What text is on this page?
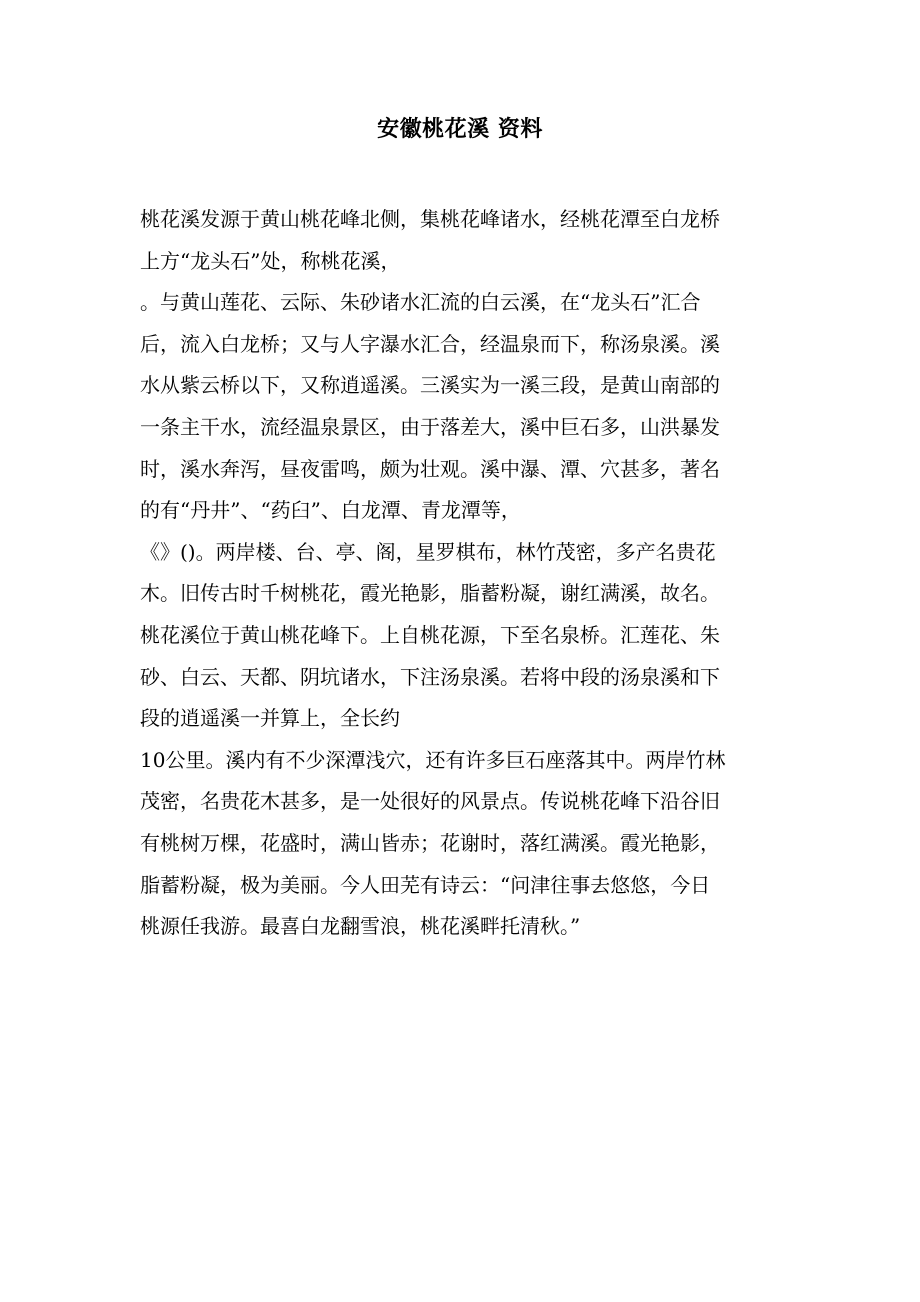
安徽桃花溪 资料
桃花溪发源于黄山桃花峰北侧，集桃花峰诸水，经桃花潭至白龙桥
上方“龙头石”处，称桃花溪，
。与黄山莲花、云际、朱砂诸水汇流的白云溪，在“龙头石”汇合
后，流入白龙桥；又与人字瀑水汇合，经温泉而下，称汤泉溪。溪
水从紫云桥以下，又称逍遥溪。三溪实为一溪三段，是黄山南部的
一条主干水，流经温泉景区，由于落差大，溪中巨石多，山洪暴发
时，溪水奔泻，昼夜雷鸣，颇为壮观。溪中瀑、潭、穴甚多，著名
的有“丹井”、“药臼”、白龙潭、青龙潭等，
《》()。两岸楼、台、亭、阁，星罗棋布，林竹茂密，多产名贵花
木。旧传古时千树桃花，霞光艳影，脂蓄粉凝，谢红满溪，故名。
桃花溪位于黄山桃花峰下。上自桃花源，下至名泉桥。汇莲花、朱
砂、白云、天都、阴坑诸水，下注汤泉溪。若将中段的汤泉溪和下
段的逍遥溪一并算上，全长约
10公里。溪内有不少深潭浅穴，还有许多巨石座落其中。两岸竹林
茂密，名贵花木甚多，是一处很好的风景点。传说桃花峰下沿谷旧
有桃树万棵，花盛时，满山皆赤；花谢时，落红满溪。霞光艳影，
脂蓄粉凝，极为美丽。今人田芜有诗云：“问津往事去悠悠，今日
桃源任我游。最喜白龙翻雪浪，桃花溪畔托清秋。”
